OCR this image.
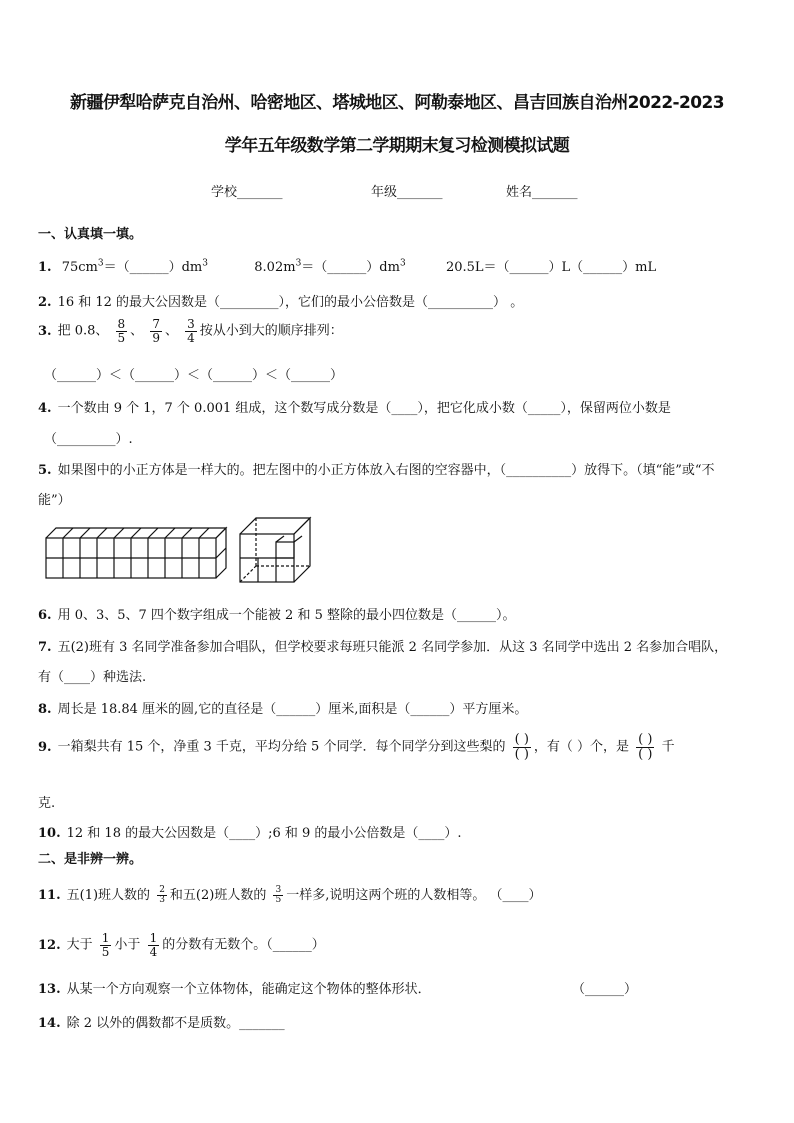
新疆伊犁哈萨克自治州、哈密地区、塔城地区、阿勒泰地区、昌吉回族自治州2022-2023
学年五年级数学第二学期期末复习检测模拟试题
学校_______	年级_______	姓名_______
一、认真填一填。
1. $75cm^3=(\_\_\_\_\_\_)dm^3$	$8.02m^3=(\_\_\_\_\_\_)dm^3$	20.5L＝（______）L（______）mL
2. 16 和 12 的最大公因数是（_________），它们的最小公倍数是（__________） 。
3. 把 0.8、 $\frac{8}{5}$ 、 $\frac{7}{9}$ 、 $\frac{3}{4}$ 按从小到大的顺序排列：
（______）＜（______）＜（______）＜（______）
4. 一个数由 9 个 1，7 个 0.001 组成，这个数写成分数是（____），把它化成小数（_____），保留两位小数是
（_________）.
5. 如果图中的小正方体是一样大的。把左图中的小正方体放入右图的空容器中，（__________）放得下。（填“能”或“不
能”）
6. 用 0、3、5、7 四个数字组成一个能被 2 和 5 整除的最小四位数是（______）。
7. 五(2)班有 3 名同学准备参加合唱队，但学校要求每班只能派 2 名同学参加．从这 3 名同学中选出 2 名参加合唱队，
有（____）种选法.
8. 周长是 18.84 厘米的圆,它的直径是（______）厘米,面积是（______）平方厘米。
9. 一箱梨共有 15 个，净重 3 千克，平均分给 5 个同学．每个同学分到这些梨的 $\frac{( )}{( )}$ ，有（ ）个，是 $\frac{( )}{( )}$ 千
克.
10. 12 和 18 的最大公因数是（____）;6 和 9 的最小公倍数是（____）.
二、是非辨一辨。
11. 五(1)班人数的 $\frac{2}{3}$ 和五(2)班人数的 $\frac{3}{5}$ 一样多,说明这两个班的人数相等。 （____）
12. 大于 $\frac{1}{5}$ 小于 $\frac{1}{4}$ 的分数有无数个。（______）
13. 从某一个方向观察一个立体物体，能确定这个物体的整体形状．	（______）
14. 除 2 以外的偶数都不是质数。_______
